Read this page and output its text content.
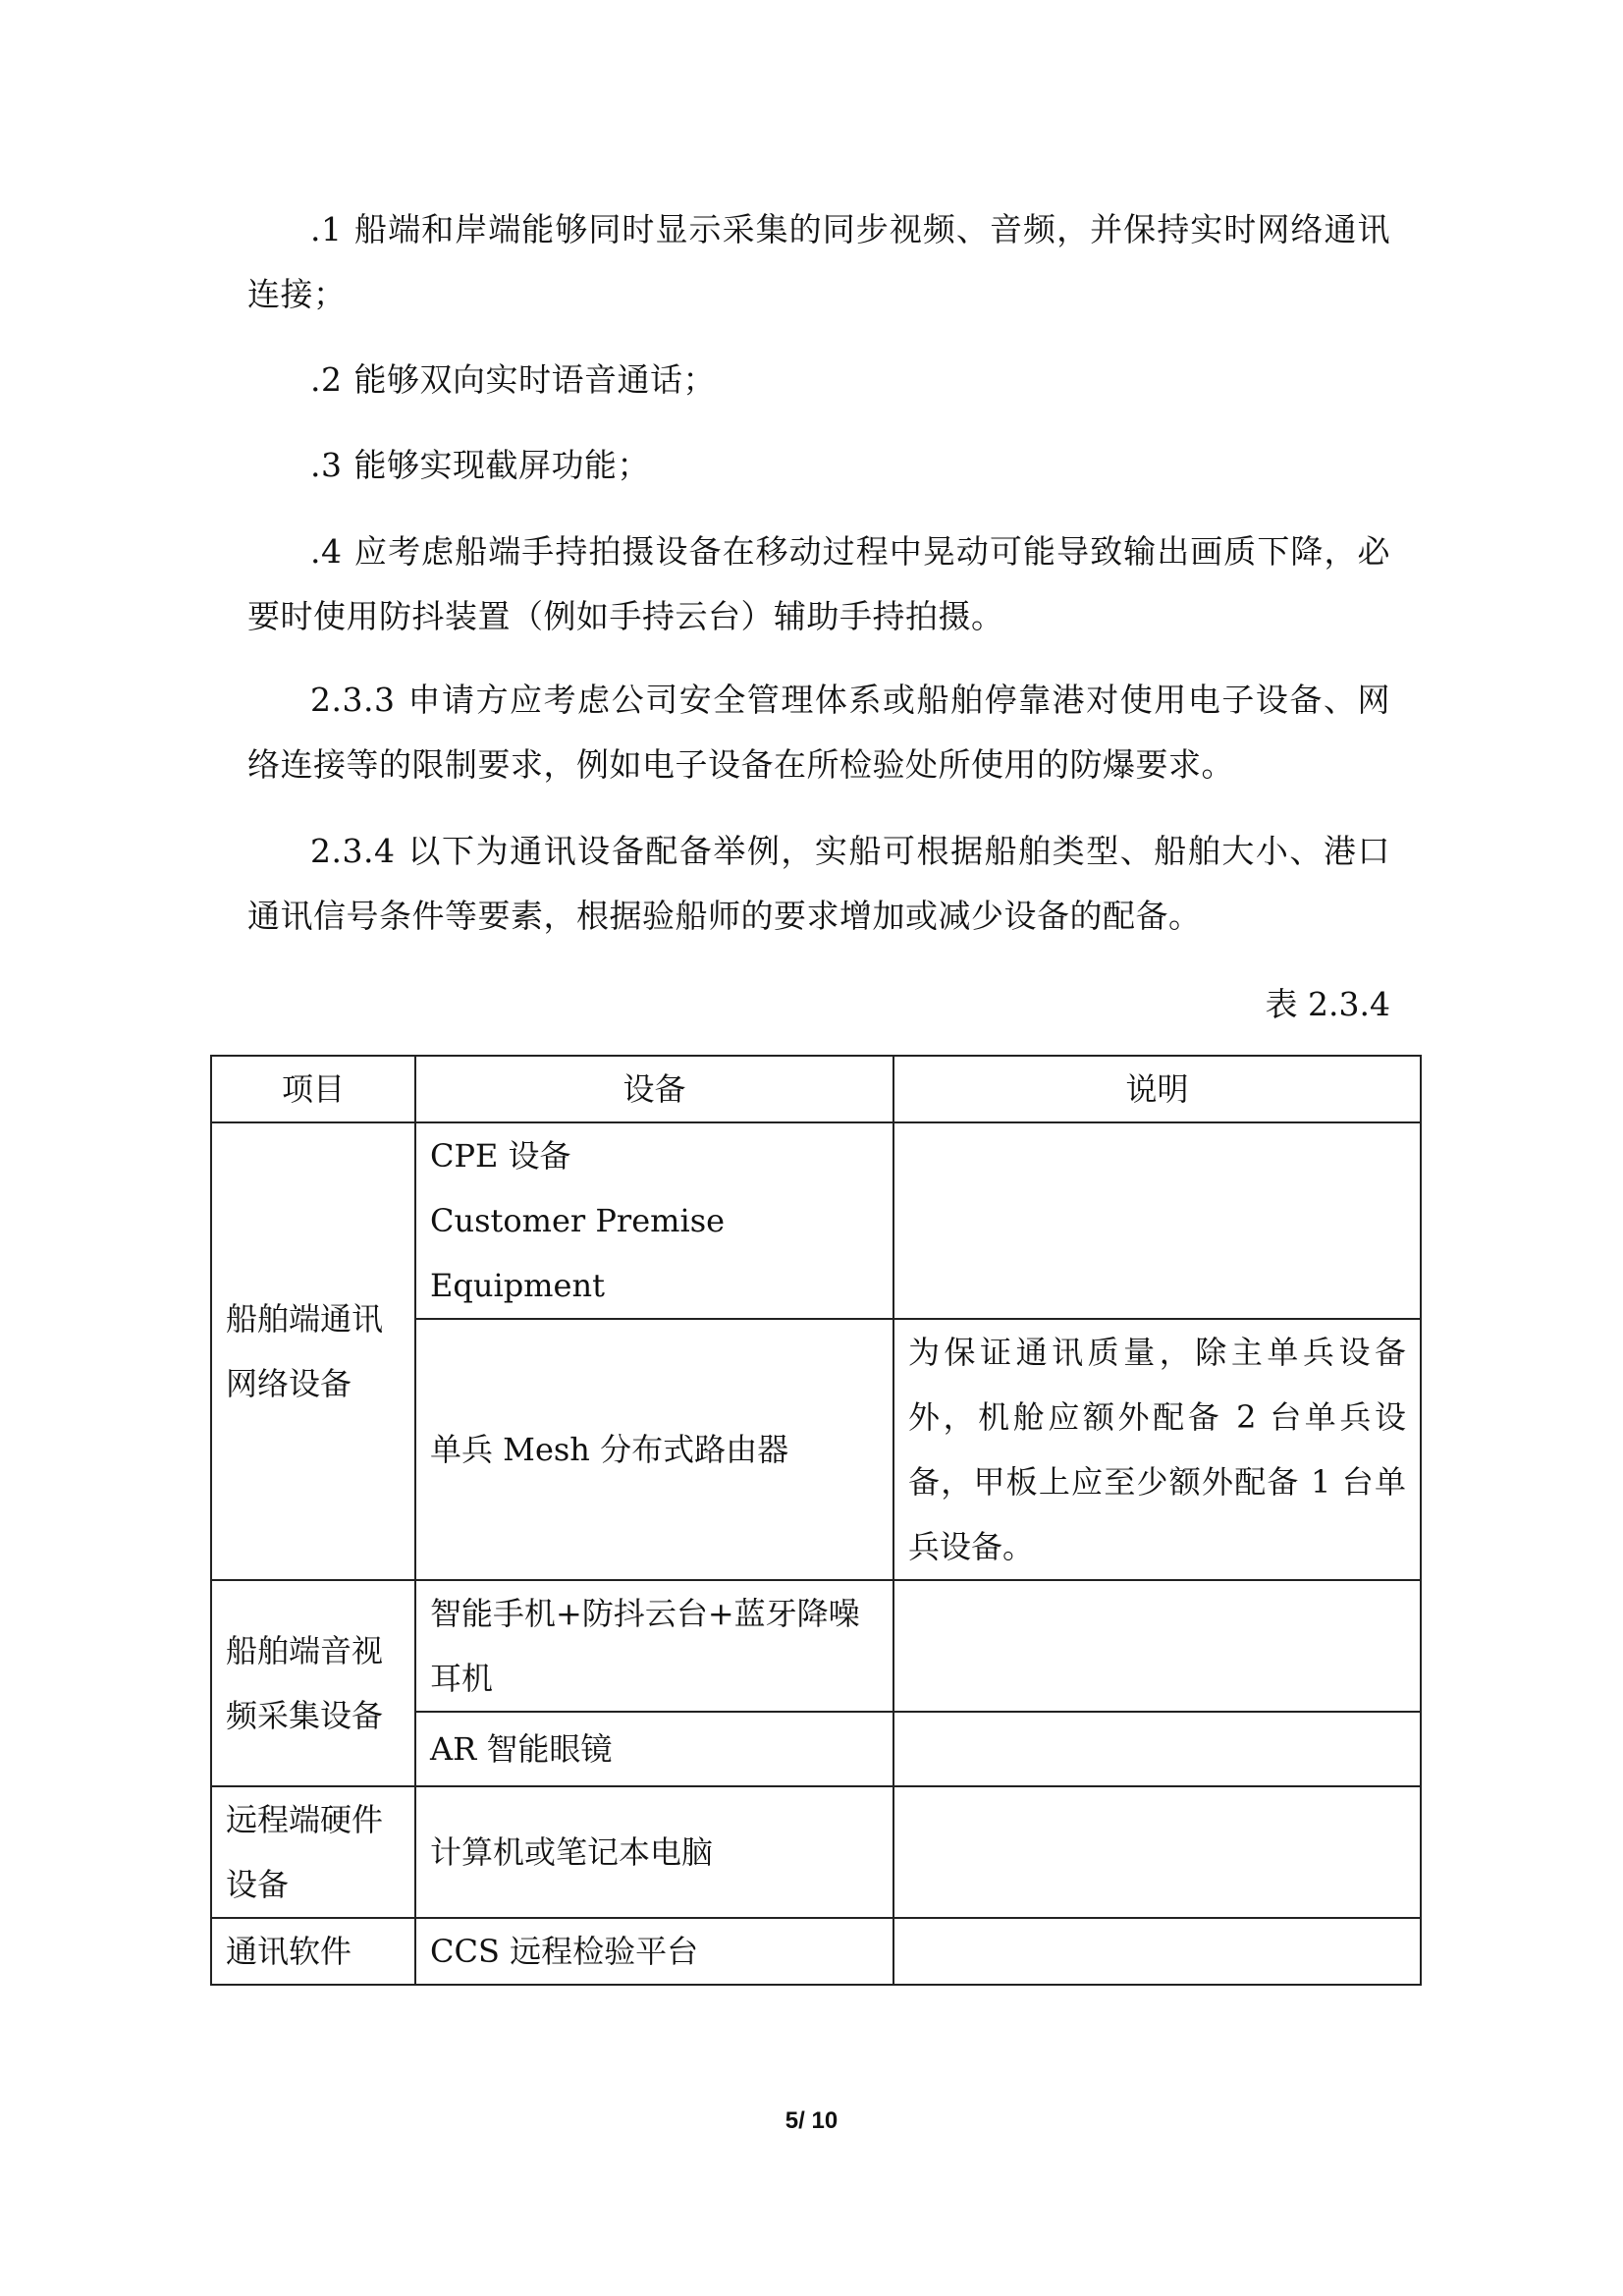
.1 船端和岸端能够同时显示采集的同步视频、音频，并保持实时网络通讯连接；

.2 能够双向实时语音通话；

.3 能够实现截屏功能；

.4 应考虑船端手持拍摄设备在移动过程中晃动可能导致输出画质下降，必要时使用防抖装置（例如手持云台）辅助手持拍摄。

2.3.3 申请方应考虑公司安全管理体系或船舶停靠港对使用电子设备、网络连接等的限制要求，例如电子设备在所检验处所使用的防爆要求。

2.3.4 以下为通讯设备配备举例，实船可根据船舶类型、船舶大小、港口通讯信号条件等要素，根据验船师的要求增加或减少设备的配备。

表 2.3.4
项目	设备	说明
船舶端通讯网络设备	CPE 设备
Customer Premise Equipment	

	单兵 Mesh 分布式路由器	为保证通讯质量，除主单兵设备外，机舱应额外配备 2 台单兵设备，甲板上应至少额外配备 1 台单兵设备。
船舶端音视频采集设备	智能手机+防抖云台+蓝牙降噪耳机	
	AR 智能眼镜	
远程端硬件设备	计算机或笔记本电脑	
通讯软件	CCS 远程检验平台	
5/ 10
